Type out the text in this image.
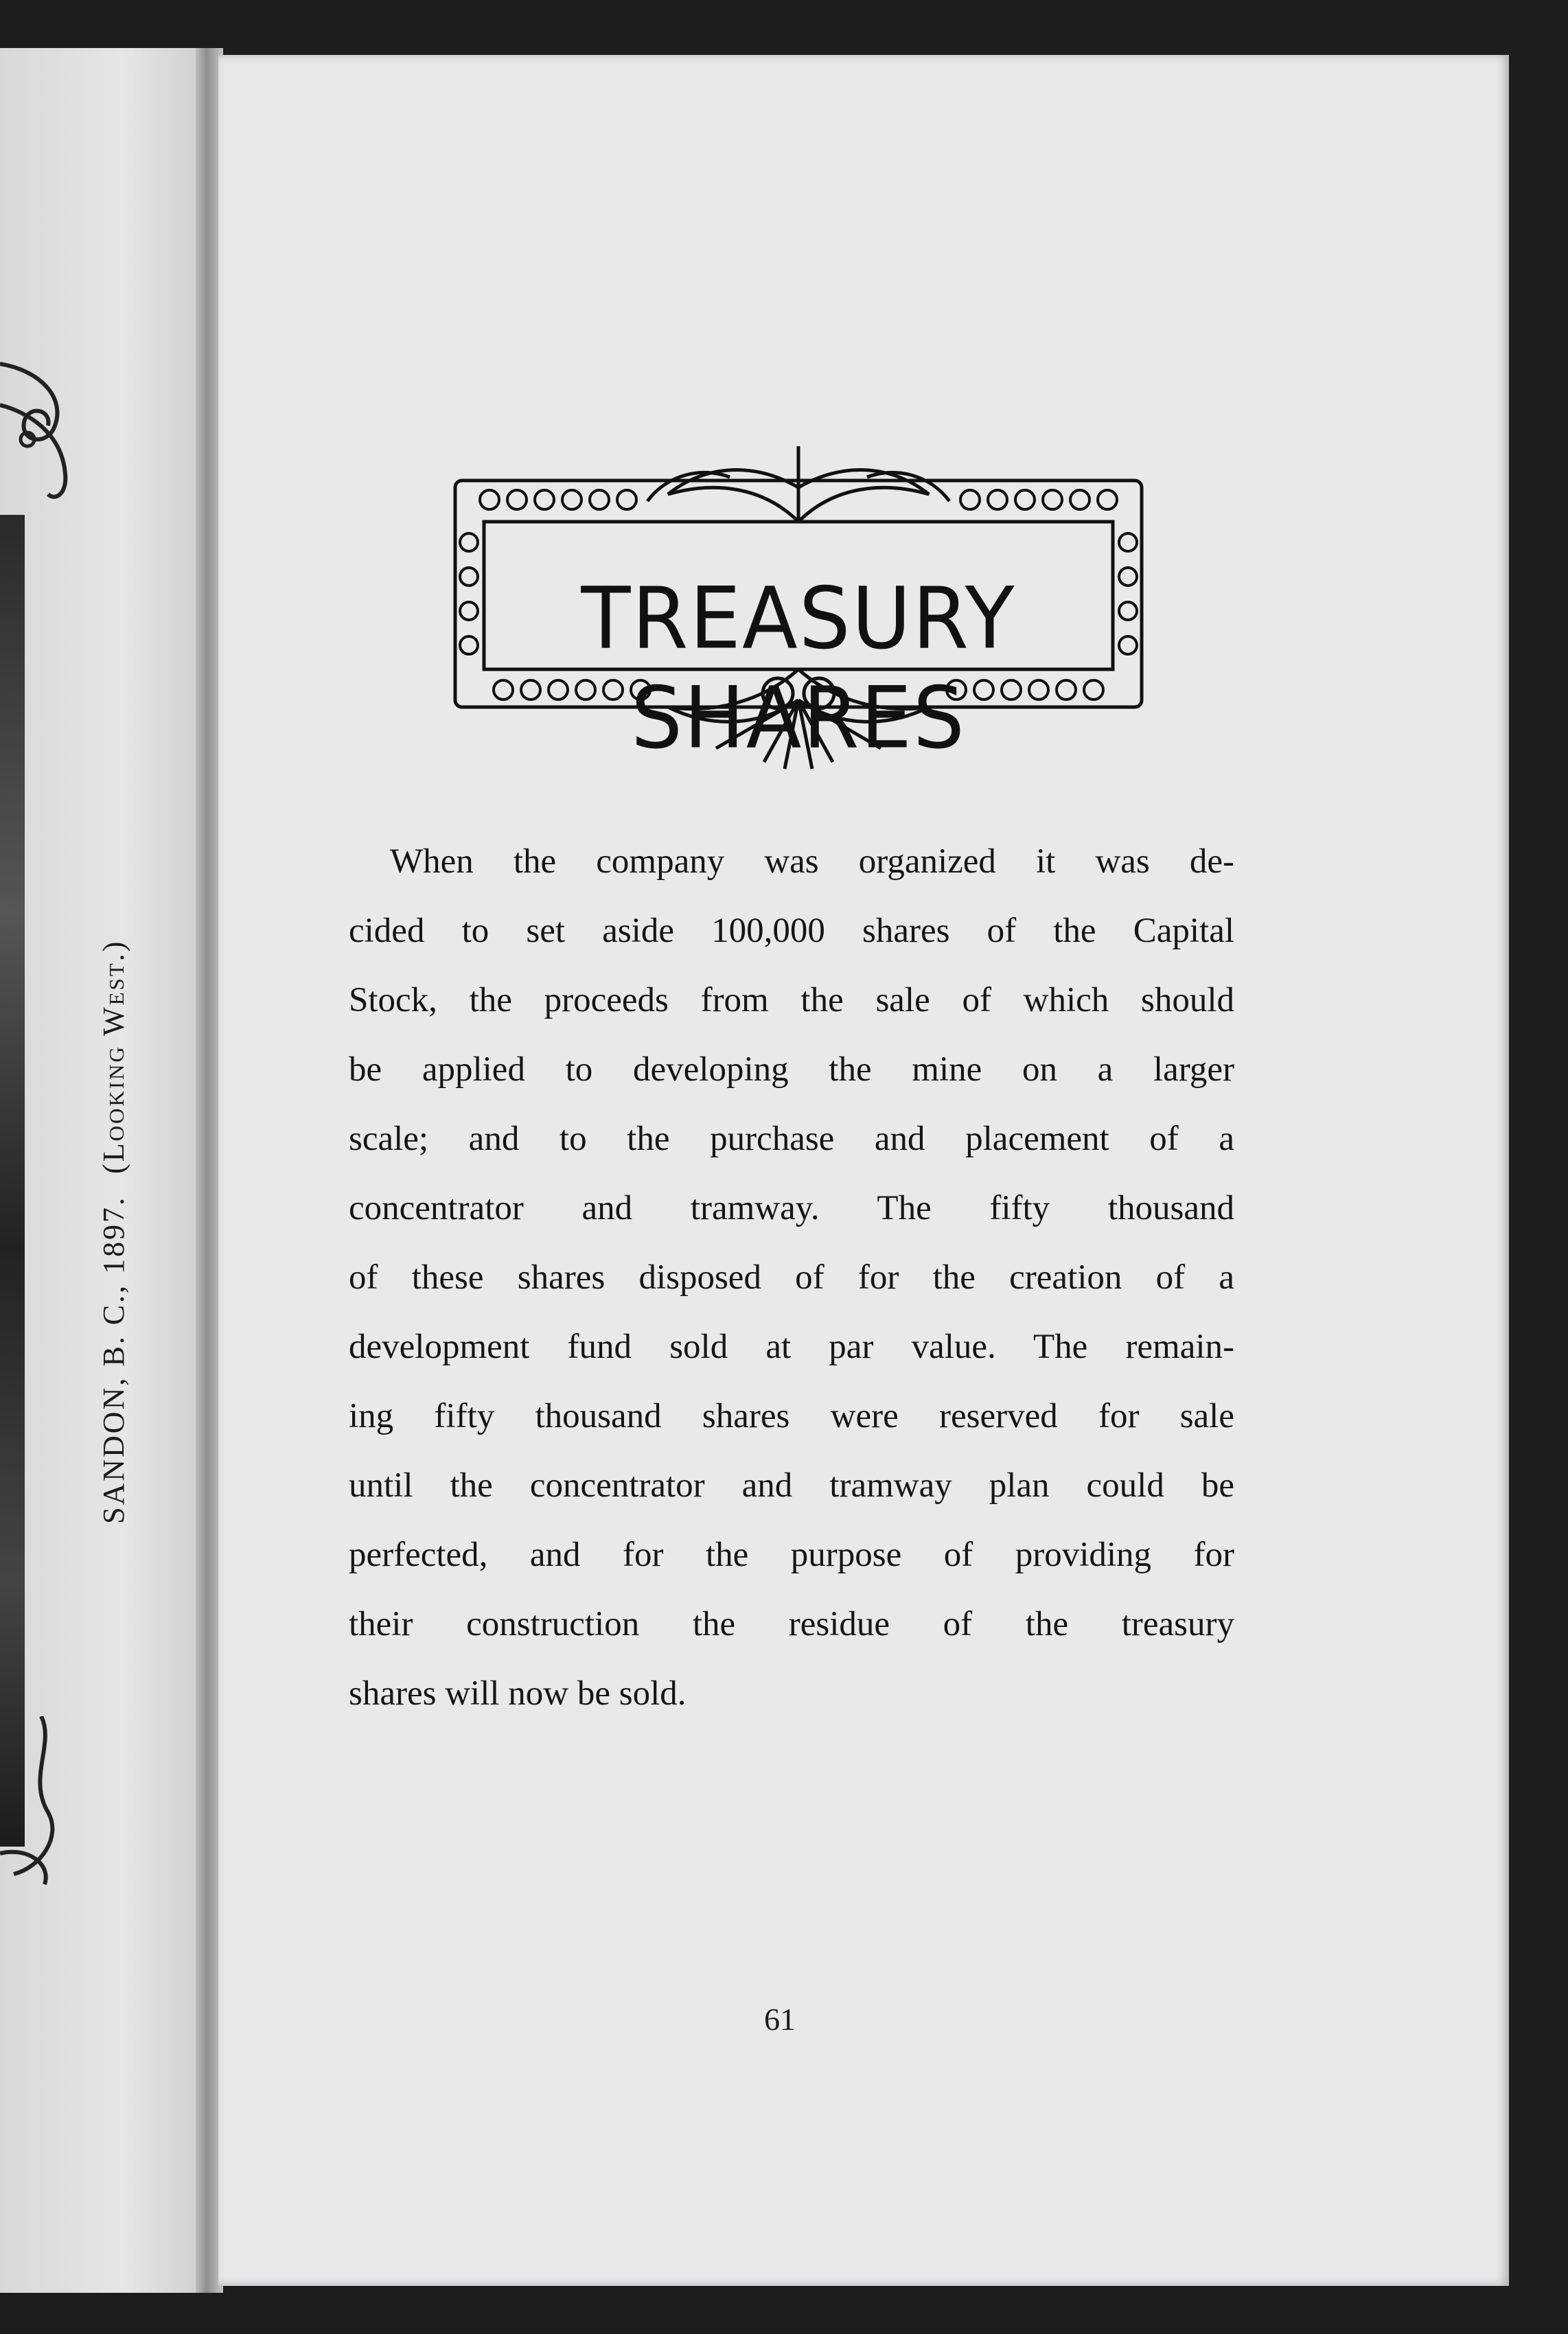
SANDON, B. C., 1897. (Looking West.)
TREASURY SHARES
When the company was organized it was de-
cided to set aside 100,000 shares of the Capital
Stock, the proceeds from the sale of which should
be applied to developing the mine on a larger
scale; and to the purchase and placement of a
concentrator and tramway. The fifty thousand
of these shares disposed of for the creation of a
development fund sold at par value. The remain-
ing fifty thousand shares were reserved for sale
until the concentrator and tramway plan could be
perfected, and for the purpose of providing for
their construction the residue of the treasury
shares will now be sold.
61
